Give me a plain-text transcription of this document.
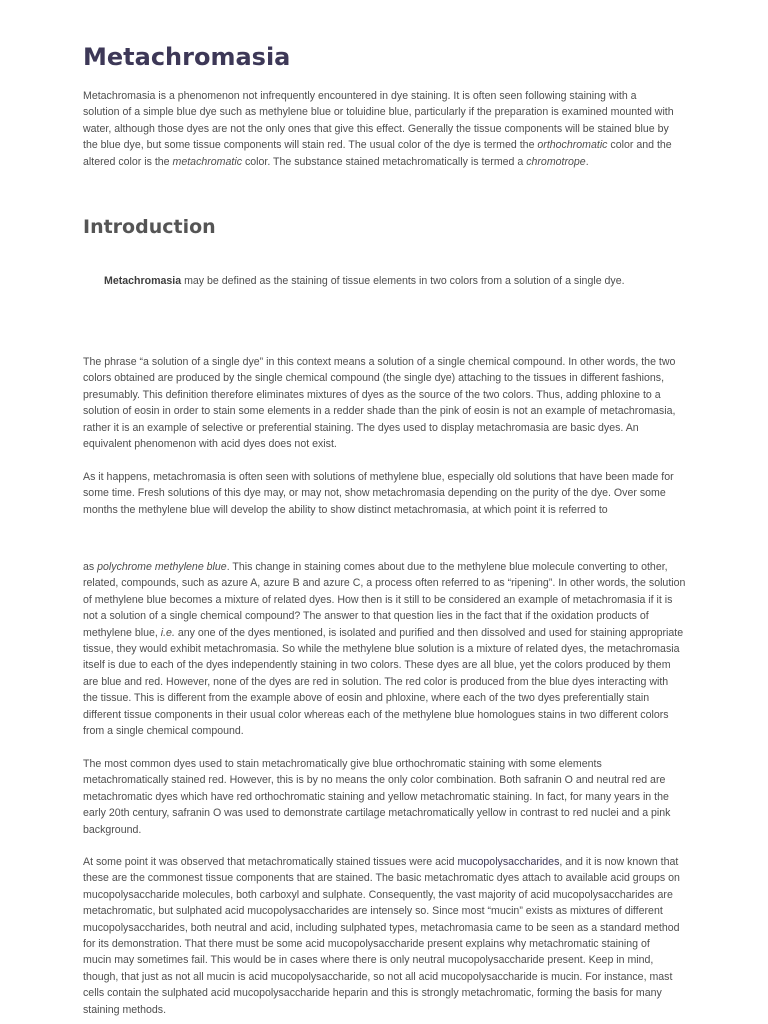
Metachromasia

Metachromasia is a phenomenon not infrequently encountered in dye staining. It is often seen following staining with a
solution of a simple blue dye such as methylene blue or toluidine blue, particularly if the preparation is examined mounted with
water, although those dyes are not the only ones that give this effect. Generally the tissue components will be stained blue by
the blue dye, but some tissue components will stain red. The usual color of the dye is termed the orthochromatic color and the
altered color is the metachromatic color. The substance stained metachromatically is termed a chromotrope.

Introduction

Metachromasia may be defined as the staining of tissue elements in two colors from a solution of a single dye.

The phrase “a solution of a single dye” in this context means a solution of a single chemical compound. In other words, the two
colors obtained are produced by the single chemical compound (the single dye) attaching to the tissues in different fashions,
presumably. This definition therefore eliminates mixtures of dyes as the source of the two colors. Thus, adding phloxine to a
solution of eosin in order to stain some elements in a redder shade than the pink of eosin is not an example of metachromasia,
rather it is an example of selective or preferential staining. The dyes used to display metachromasia are basic dyes. An
equivalent phenomenon with acid dyes does not exist.

As it happens, metachromasia is often seen with solutions of methylene blue, especially old solutions that have been made for
some time. Fresh solutions of this dye may, or may not, show metachromasia depending on the purity of the dye. Over some
months the methylene blue will develop the ability to show distinct metachromasia, at which point it is referred to

as polychrome methylene blue. This change in staining comes about due to the methylene blue molecule converting to other,
related, compounds, such as azure A, azure B and azure C, a process often referred to as “ripening”. In other words, the solution
of methylene blue becomes a mixture of related dyes. How then is it still to be considered an example of metachromasia if it is
not a solution of a single chemical compound? The answer to that question lies in the fact that if the oxidation products of
methylene blue, i.e. any one of the dyes mentioned, is isolated and purified and then dissolved and used for staining appropriate
tissue, they would exhibit metachromasia. So while the methylene blue solution is a mixture of related dyes, the metachromasia
itself is due to each of the dyes independently staining in two colors. These dyes are all blue, yet the colors produced by them
are blue and red. However, none of the dyes are red in solution. The red color is produced from the blue dyes interacting with
the tissue. This is different from the example above of eosin and phloxine, where each of the two dyes preferentially stain
different tissue components in their usual color whereas each of the methylene blue homologues stains in two different colors
from a single chemical compound.

The most common dyes used to stain metachromatically give blue orthochromatic staining with some elements
metachromatically stained red. However, this is by no means the only color combination. Both safranin O and neutral red are
metachromatic dyes which have red orthochromatic staining and yellow metachromatic staining. In fact, for many years in the
early 20th century, safranin O was used to demonstrate cartilage metachromatically yellow in contrast to red nuclei and a pink
background.

At some point it was observed that metachromatically stained tissues were acid mucopolysaccharides, and it is now known that
these are the commonest tissue components that are stained. The basic metachromatic dyes attach to available acid groups on
mucopolysaccharide molecules, both carboxyl and sulphate. Consequently, the vast majority of acid mucopolysaccharides are
metachromatic, but sulphated acid mucopolysaccharides are intensely so. Since most “mucin” exists as mixtures of different
mucopolysaccharides, both neutral and acid, including sulphated types, metachromasia came to be seen as a standard method
for its demonstration. That there must be some acid mucopolysaccharide present explains why metachromatic staining of
mucin may sometimes fail. This would be in cases where there is only neutral mucopolysaccharide present. Keep in mind,
though, that just as not all mucin is acid mucopolysaccharide, so not all acid mucopolysaccharide is mucin. For instance, mast
cells contain the sulphated acid mucopolysaccharide heparin and this is strongly metachromatic, forming the basis for many
staining methods.
